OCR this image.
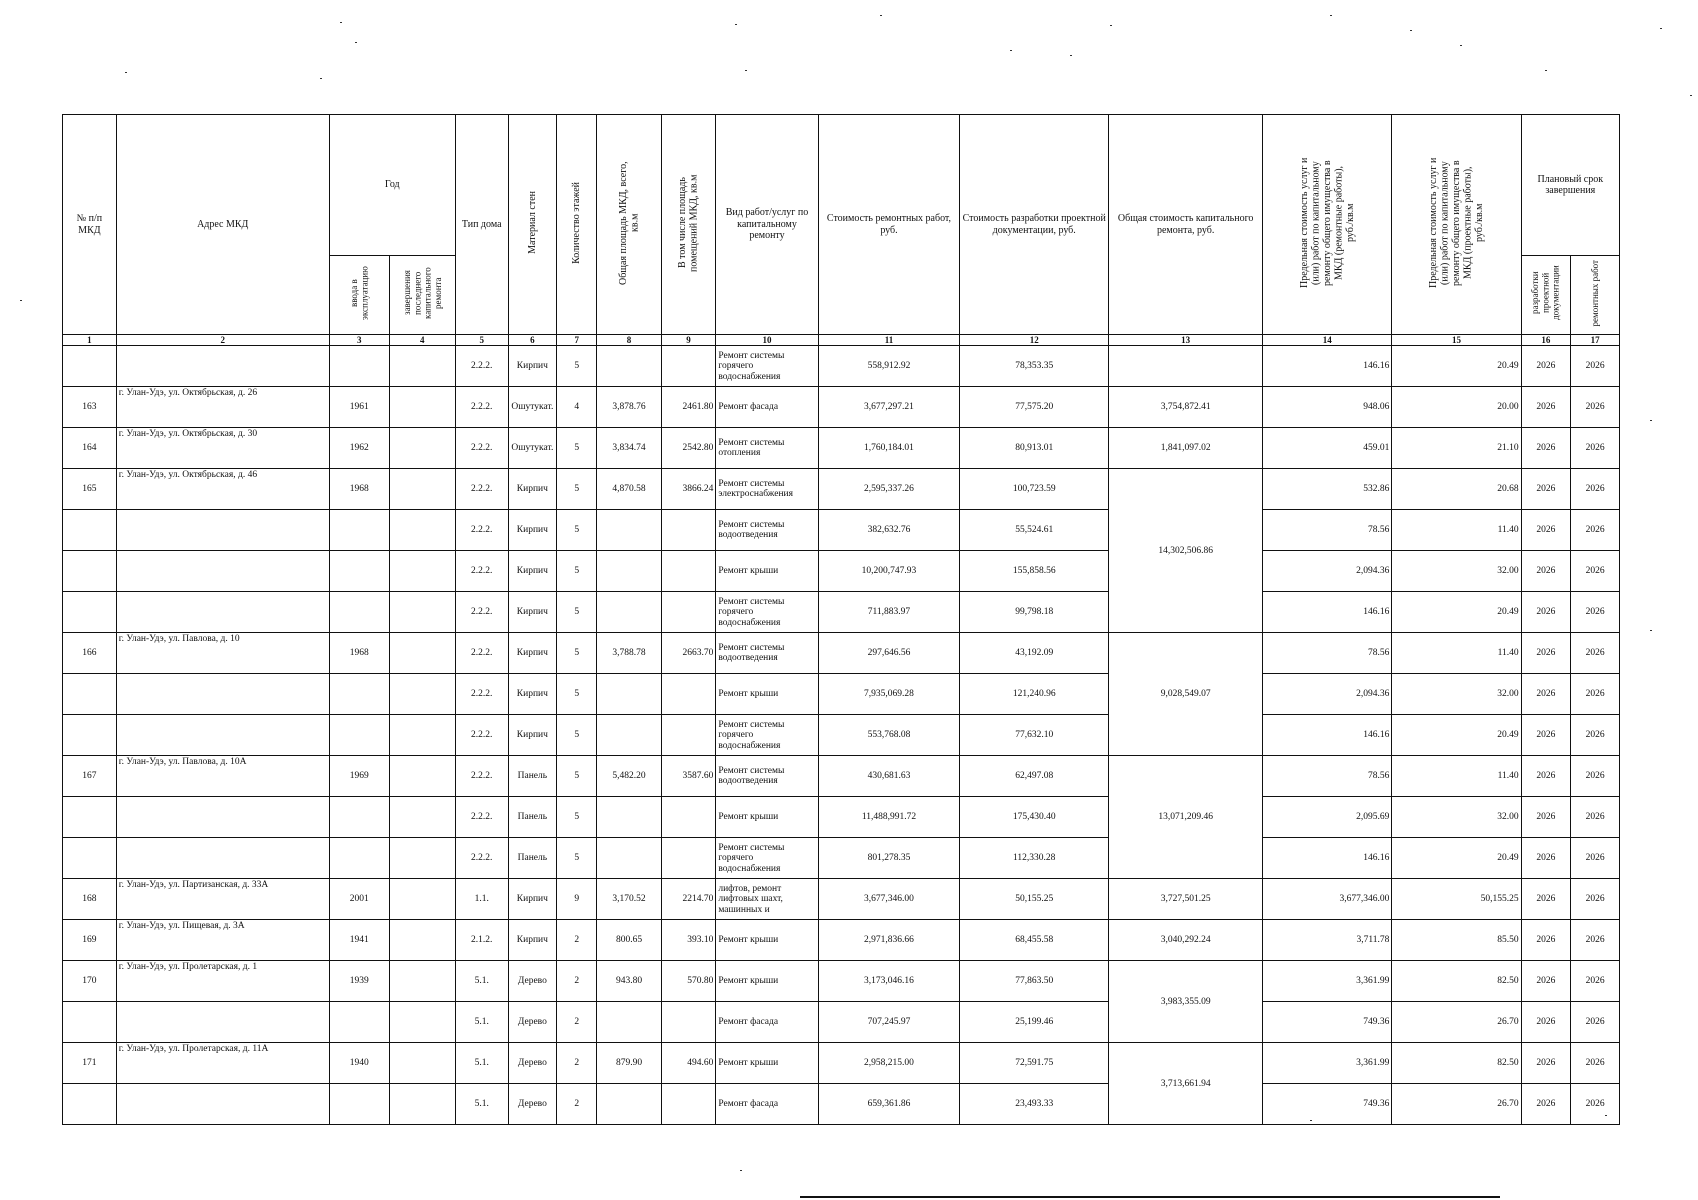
№ п/п МКД	Адрес МКД	Год		Тип дома	Материал стен	Количество этажей	Общая площадь МКД, всего, кв.м	В том числе площадь помещений МКД, кв.м	Вид работ/услуг по капитальному ремонту	Стоимость ремонтных работ, руб.	Стоимость разработки проектной документации, руб.	Общая стоимость капитального ремонта, руб.	Предельная стоимость услуг и (или) работ по капитальному ремонту общего имущества в МКД (ремонтные работы), руб./кв.м	Предельная стоимость услуг и (или) работ по капитальному ремонту общего имущества в МКД (проектные работы), руб./кв.м	Плановый срок завершения	
		ввода в эксплуатацию	завершения последнего капитального ремонта												разработки проектной документации	ремонтных работ
1	2	3	4	5	6	7	8	9	10	11	12	13	14	15	16	17
				2.2.2.	Кирпич	5			Ремонт системы горячего водоснабжения	558,912.92	78,353.35		146.16	20.49	2026	2026
163	г. Улан-Удэ, ул. Октябрьская, д. 26	1961		2.2.2.	Ошутукат.	4	3,878.76	2461.80	Ремонт фасада	3,677,297.21	77,575.20	3,754,872.41	948.06	20.00	2026	2026
164	г. Улан-Удэ, ул. Октябрьская, д. 30	1962		2.2.2.	Ошутукат.	5	3,834.74	2542.80	Ремонт системы отопления	1,760,184.01	80,913.01	1,841,097.02	459.01	21.10	2026	2026
165	г. Улан-Удэ, ул. Октябрьская, д. 46	1968		2.2.2.	Кирпич	5	4,870.58	3866.24	Ремонт системы электроснабжения	2,595,337.26	100,723.59	14,302,506.86	532.86	20.68	2026	2026
				2.2.2.	Кирпич	5			Ремонт системы водоотведения	382,632.76	55,524.61		78.56	11.40	2026	2026
				2.2.2.	Кирпич	5			Ремонт крыши	10,200,747.93	155,858.56		2,094.36	32.00	2026	2026
				2.2.2.	Кирпич	5			Ремонт системы горячего водоснабжения	711,883.97	99,798.18		146.16	20.49	2026	2026
166	г. Улан-Удэ, ул. Павлова, д. 10	1968		2.2.2.	Кирпич	5	3,788.78	2663.70	Ремонт системы водоотведения	297,646.56	43,192.09	9,028,549.07	78.56	11.40	2026	2026
				2.2.2.	Кирпич	5			Ремонт крыши	7,935,069.28	121,240.96		2,094.36	32.00	2026	2026
				2.2.2.	Кирпич	5			Ремонт системы горячего водоснабжения	553,768.08	77,632.10		146.16	20.49	2026	2026
167	г. Улан-Удэ, ул. Павлова, д. 10А	1969		2.2.2.	Панель	5	5,482.20	3587.60	Ремонт системы водоотведения	430,681.63	62,497.08	13,071,209.46	78.56	11.40	2026	2026
				2.2.2.	Панель	5			Ремонт крыши	11,488,991.72	175,430.40		2,095.69	32.00	2026	2026
				2.2.2.	Панель	5			Ремонт системы горячего водоснабжения	801,278.35	112,330.28		146.16	20.49	2026	2026
168	г. Улан-Удэ, ул. Партизанская, д. 33А	2001		1.1.	Кирпич	9	3,170.52	2214.70	лифтов, ремонт лифтовых шахт, машинных и	3,677,346.00	50,155.25	3,727,501.25	3,677,346.00	50,155.25	2026	2026
169	г. Улан-Удэ, ул. Пищевая, д. 3А	1941		2.1.2.	Кирпич	2	800.65	393.10	Ремонт крыши	2,971,836.66	68,455.58	3,040,292.24	3,711.78	85.50	2026	2026
170	г. Улан-Удэ, ул. Пролетарская, д. 1	1939		5.1.	Дерево	2	943.80	570.80	Ремонт крыши	3,173,046.16	77,863.50	3,983,355.09	3,361.99	82.50	2026	2026
				5.1.	Дерево	2			Ремонт фасада	707,245.97	25,199.46		749.36	26.70	2026	2026
171	г. Улан-Удэ, ул. Пролетарская, д. 11А	1940		5.1.	Дерево	2	879.90	494.60	Ремонт крыши	2,958,215.00	72,591.75	3,713,661.94	3,361.99	82.50	2026	2026
				5.1.	Дерево	2			Ремонт фасада	659,361.86	23,493.33		749.36	26.70	2026	2026
